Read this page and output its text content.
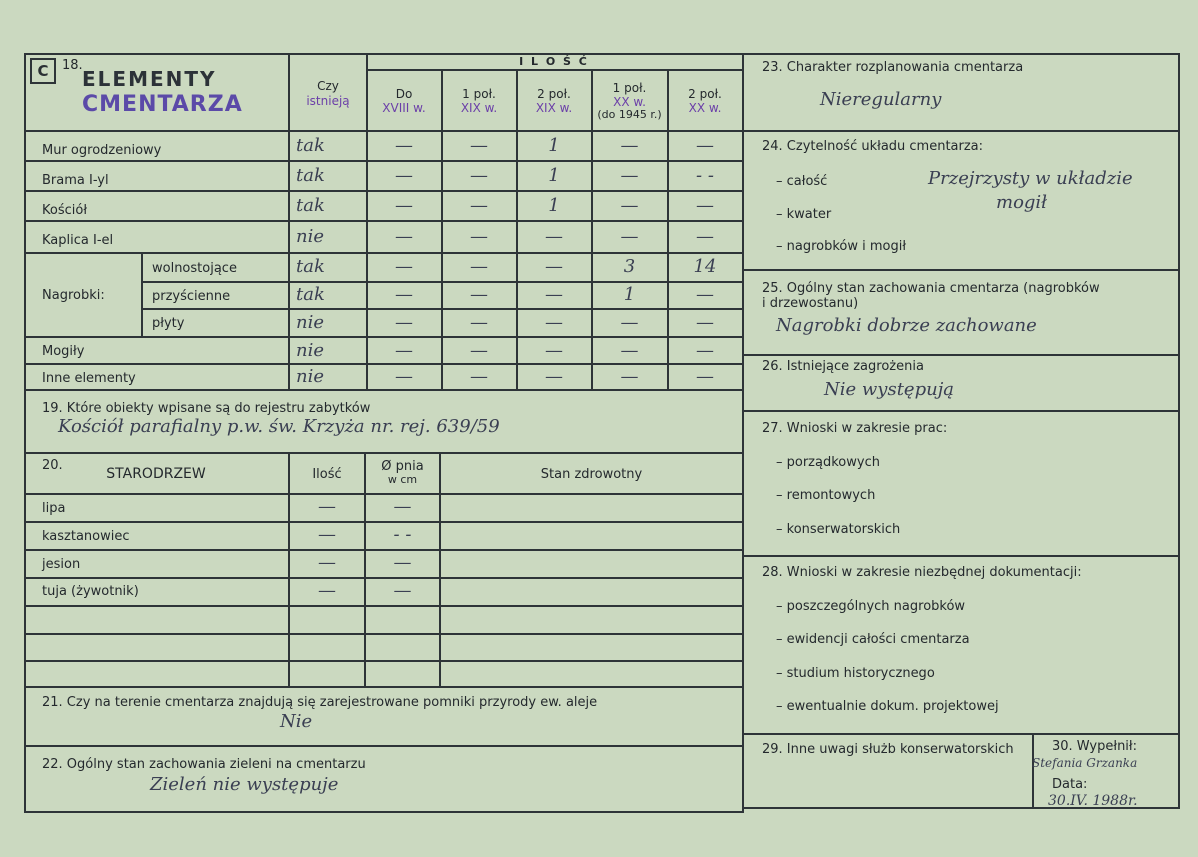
C	18.
ELEMENTY
CMENTARZA
Czy
istnieją
I L O Ś Ć
Do
XVIII w.
1 poł.
XIX w.
2 poł.
XIX w.
1 poł.
XX w.
(do 1945 r.)
2 poł.
XX w.
Mur ogrodzeniowy	tak	—	—	1	—	—
Brama I-yl	tak	—	—	1	—	- -
Kościół	tak	—	—	1	—	—
Kaplica I-el	nie	—	—	—	—	—
Nagrobki:
wolnostojące	tak	—	—	—	3	14
przyścienne	tak	—	—	—	1	—
płyty	nie	—	—	—	—	—
Mogiły	nie	—	—	—	—	—
Inne elementy	nie	—	—	—	—	—
19. Które obiekty wpisane są do rejestru zabytków
Kościół parafialny p.w. św. Krzyża nr. rej. 639/59
20.
STARODRZEW	Ilość
Ø pnia
w cm	Stan zdrowotny
lipa	—	—
kasztanowiec	—	- -
jesion	—	—
tuja (żywotnik)	—	—
21. Czy na terenie cmentarza znajdują się zarejestrowane pomniki przyrody ew. aleje
Nie
22. Ogólny stan zachowania zieleni na cmentarzu
Zieleń nie występuje
23. Charakter rozplanowania cmentarza
Nieregularny
24. Czytelność układu cmentarza:
– całość
– kwater
– nagrobków i mogił
Przejrzysty w układzie
mogił
25. Ogólny stan zachowania cmentarza (nagrobków
i drzewostanu)
Nagrobki dobrze zachowane
26. Istniejące zagrożenia
Nie występują
27. Wnioski w zakresie prac:
– porządkowych
– remontowych
– konserwatorskich
28. Wnioski w zakresie niezbędnej dokumentacji:
– poszczególnych nagrobków
– ewidencji całości cmentarza
– studium historycznego
– ewentualnie dokum. projektowej
29. Inne uwagi służb konserwatorskich	30. Wypełnił:
Stefania Grzanka
Data:
30.IV. 1988r.
